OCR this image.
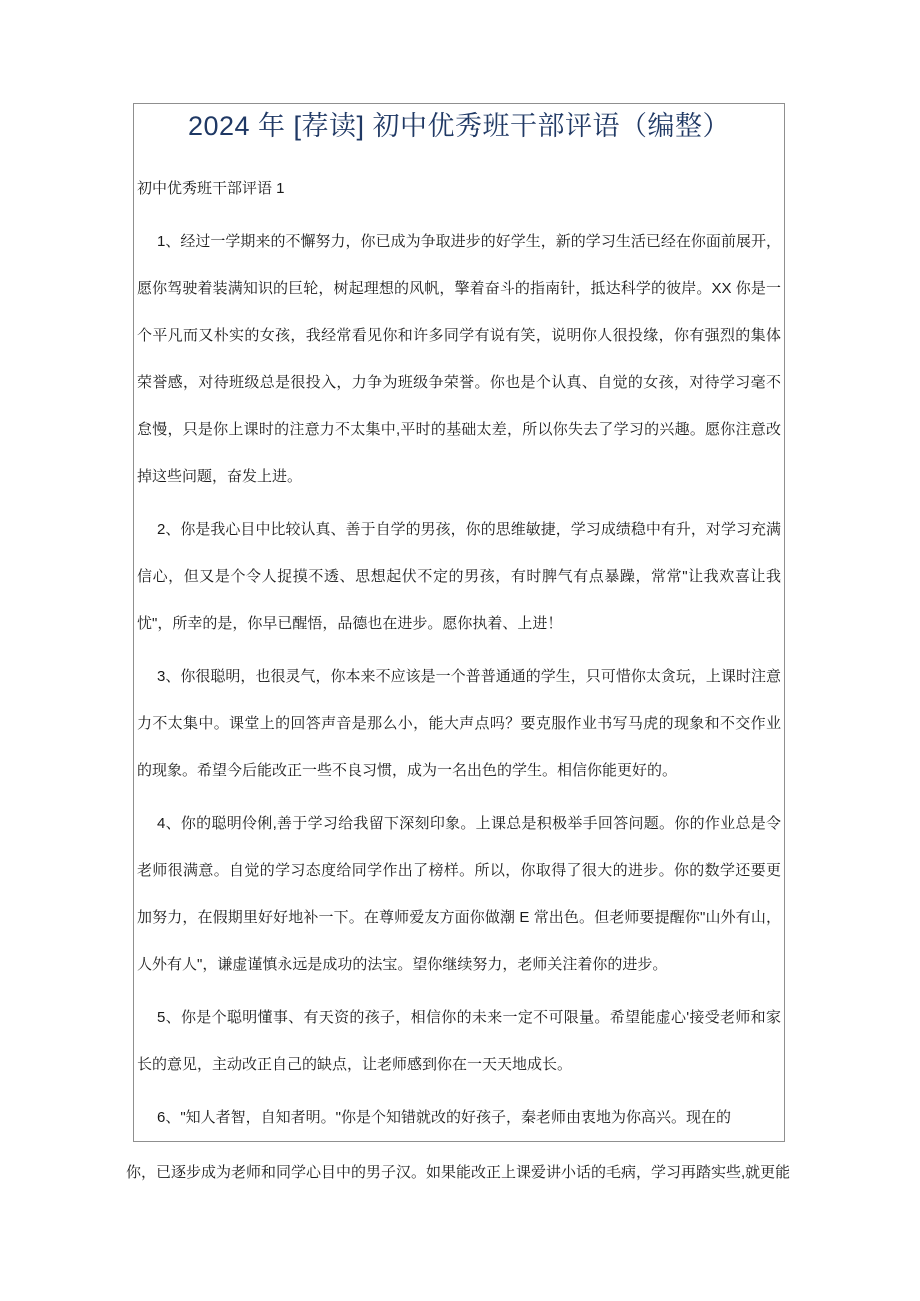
2024 年 [荐读] 初中优秀班干部评语（编整）
初中优秀班干部评语 1

1、经过一学期来的不懈努力，你已成为争取进步的好学生，新的学习生活已经在你面前展开，愿你驾驶着装满知识的巨轮，树起理想的风帆，擎着奋斗的指南针，抵达科学的彼岸。XX 你是一个平凡而又朴实的女孩，我经常看见你和许多同学有说有笑，说明你人很投缘，你有强烈的集体荣誉感，对待班级总是很投入，力争为班级争荣誉。你也是个认真、自觉的女孩，对待学习毫不怠慢，只是你上课时的注意力不太集中,平时的基础太差，所以你失去了学习的兴趣。愿你注意改掉这些问题，奋发上进。

2、你是我心目中比较认真、善于自学的男孩，你的思维敏捷，学习成绩稳中有升，对学习充满信心，但又是个令人捉摸不透、思想起伏不定的男孩，有时脾气有点暴躁，常常"让我欢喜让我忧"，所幸的是，你早已醒悟，品德也在进步。愿你执着、上进！

3、你很聪明，也很灵气，你本来不应该是一个普普通通的学生，只可惜你太贪玩，上课时注意力不太集中。课堂上的回答声音是那么小，能大声点吗？要克服作业书写马虎的现象和不交作业的现象。希望今后能改正一些不良习惯，成为一名出色的学生。相信你能更好的。

4、你的聪明伶俐,善于学习给我留下深刻印象。上课总是积极举手回答问题。你的作业总是令老师很满意。自觉的学习态度给同学作出了榜样。所以，你取得了很大的进步。你的数学还要更加努力，在假期里好好地补一下。在尊师爱友方面你做潮 E 常出色。但老师要提醒你"山外有山，人外有人"，谦虚谨慎永远是成功的法宝。望你继续努力，老师关注着你的进步。

5、你是个聪明懂事、有天资的孩子，相信你的未来一定不可限量。希望能虚心'接受老师和家长的意见，主动改正自己的缺点，让老师感到你在一天天地成长。

6、"知人者智，自知者明。"你是个知错就改的好孩子，秦老师由衷地为你高兴。现在的

你，已逐步成为老师和同学心目中的男子汉。如果能改正上课爱讲小话的毛病，学习再踏实些,就更能
